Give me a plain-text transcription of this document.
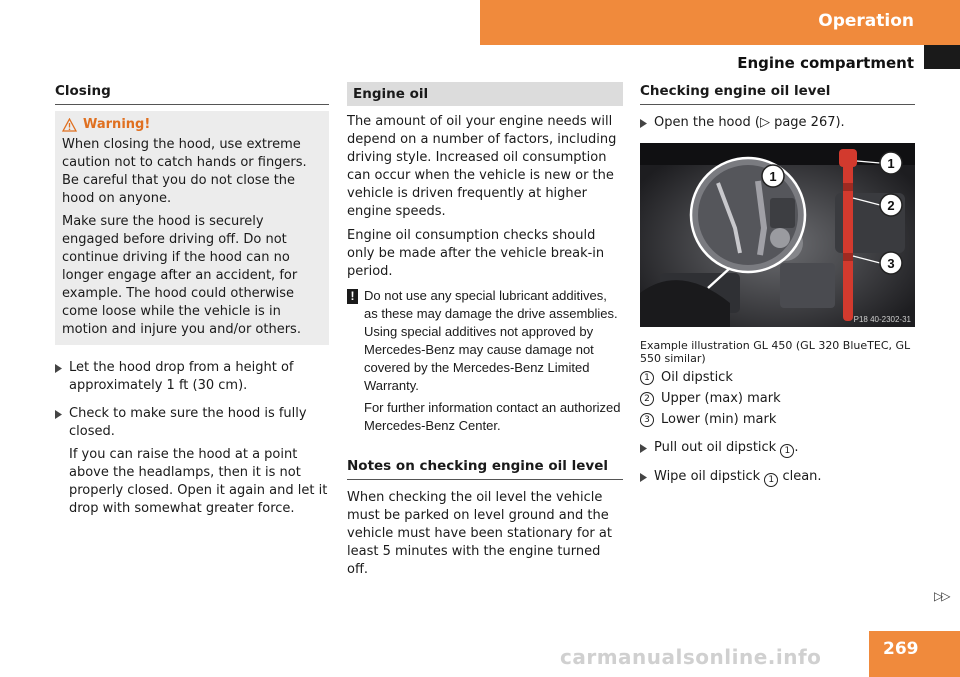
Operation
Engine compartment
Closing
Warning!

When closing the hood, use extreme caution not to catch hands or fingers. Be careful that you do not close the hood on anyone.

Make sure the hood is securely engaged before driving off. Do not continue driving if the hood can no longer engage after an accident, for example. The hood could otherwise come loose while the vehicle is in motion and injure you and/or others.

Let the hood drop from a height of approximately 1 ft (30 cm).

Check to make sure the hood is fully closed.

If you can raise the hood at a point above the headlamps, then it is not properly closed. Open it again and let it drop with somewhat greater force.

Engine oil

The amount of oil your engine needs will depend on a number of factors, including driving style. Increased oil consumption can occur when the vehicle is new or the vehicle is driven frequently at higher engine speeds.

Engine oil consumption checks should only be made after the vehicle break-in period.

! Do not use any special lubricant additives, as these may damage the drive assemblies. Using special additives not approved by Mercedes-Benz may cause damage not covered by the Mercedes-Benz Limited Warranty.

For further information contact an authorized Mercedes-Benz Center.

Notes on checking engine oil level

When checking the oil level the vehicle must be parked on level ground and the vehicle must have been stationary for at least 5 minutes with the engine turned off.

Checking engine oil level

Open the hood (▷ page 267).

1
2
3
1
P18 40-2302-31
Example illustration GL 450 (GL 320 BlueTEC, GL 550 similar)
1 Oil dipstick
2 Upper (max) mark
3 Lower (min) mark

Pull out oil dipstick 1 .

Wipe oil dipstick 1 clean.

▷▷
carmanualsonline.info	269
